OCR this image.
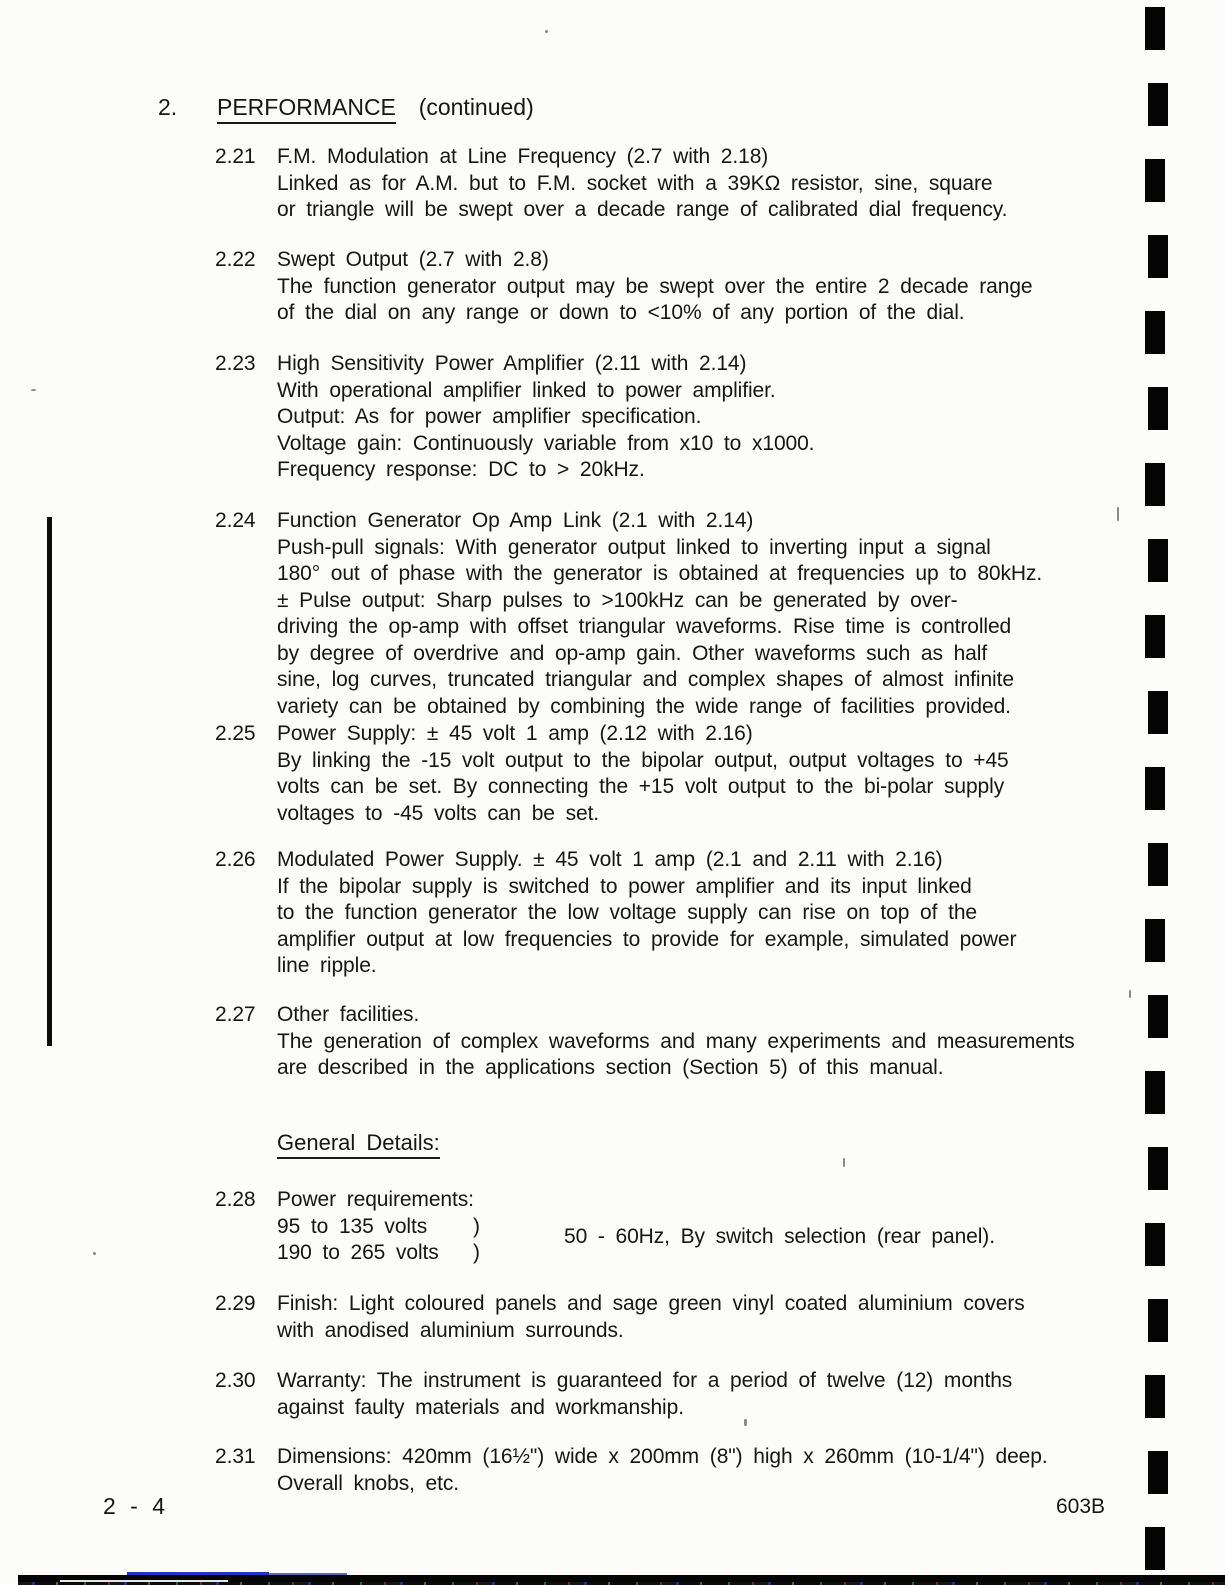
2.	PERFORMANCE (continued)
2.21	F.M. Modulation at Line Frequency (2.7 with 2.18)
Linked as for A.M. but to F.M. socket with a 39KΩ resistor, sine, square
or triangle will be swept over a decade range of calibrated dial frequency.
2.22	Swept Output (2.7 with 2.8)
The function generator output may be swept over the entire 2 decade range
of the dial on any range or down to <10% of any portion of the dial.
2.23	High Sensitivity Power Amplifier (2.11 with 2.14)
With operational amplifier linked to power amplifier.
Output: As for power amplifier specification.
Voltage gain: Continuously variable from x10 to x1000.
Frequency response: DC to > 20kHz.
2.24	Function Generator Op Amp Link (2.1 with 2.14)
Push-pull signals: With generator output linked to inverting input a signal
180° out of phase with the generator is obtained at frequencies up to 80kHz.
± Pulse output: Sharp pulses to >100kHz can be generated by over-
driving the op-amp with offset triangular waveforms. Rise time is controlled
by degree of overdrive and op-amp gain. Other waveforms such as half
sine, log curves, truncated triangular and complex shapes of almost infinite
variety can be obtained by combining the wide range of facilities provided.
2.25	Power Supply: ± 45 volt 1 amp (2.12 with 2.16)
By linking the -15 volt output to the bipolar output, output voltages to +45
volts can be set. By connecting the +15 volt output to the bi-polar supply
voltages to -45 volts can be set.
2.26	Modulated Power Supply. ± 45 volt 1 amp (2.1 and 2.11 with 2.16)
If the bipolar supply is switched to power amplifier and its input linked
to the function generator the low voltage supply can rise on top of the
amplifier output at low frequencies to provide for example, simulated power
line ripple.
2.27	Other facilities.
The generation of complex waveforms and many experiments and measurements
are described in the applications section (Section 5) of this manual.
General Details:
2.28	Power requirements:
95 to 135 volts )
190 to 265 volts )
50 - 60Hz, By switch selection (rear panel).
2.29	Finish: Light coloured panels and sage green vinyl coated aluminium covers
with anodised aluminium surrounds.
2.30	Warranty: The instrument is guaranteed for a period of twelve (12) months
against faulty materials and workmanship.
2.31	Dimensions: 420mm (16½") wide x 200mm (8") high x 260mm (10-1/4") deep.
Overall knobs, etc.
2 - 4	603B
